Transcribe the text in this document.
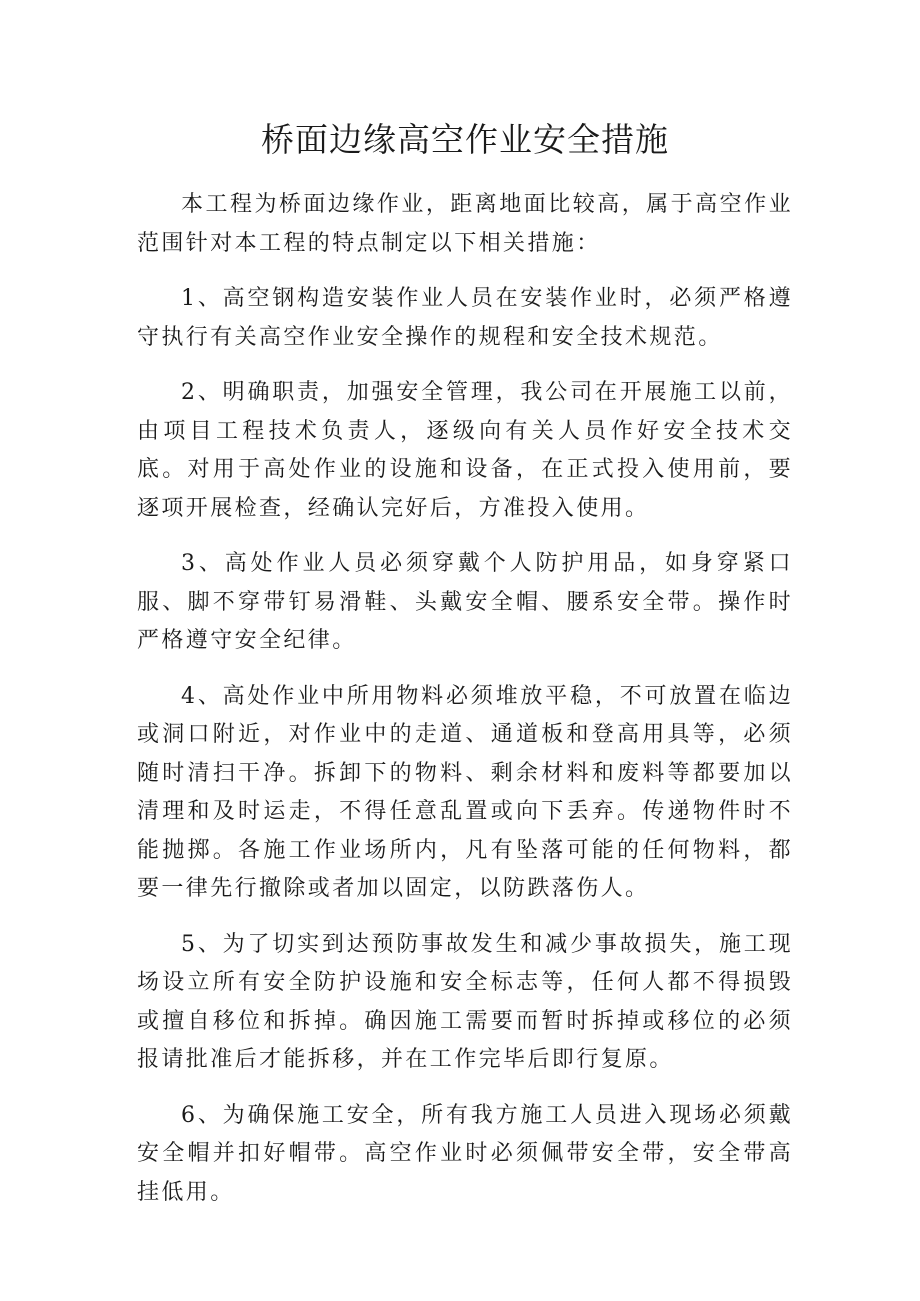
桥面边缘高空作业安全措施

本工程为桥面边缘作业，距离地面比较高，属于高空作业范围针对本工程的特点制定以下相关措施：

1、高空钢构造安装作业人员在安装作业时，必须严格遵守执行有关高空作业安全操作的规程和安全技术规范。

2、明确职责，加强安全管理，我公司在开展施工以前，由项目工程技术负责人，逐级向有关人员作好安全技术交底。对用于高处作业的设施和设备，在正式投入使用前，要逐项开展检查，经确认完好后，方准投入使用。

3、高处作业人员必须穿戴个人防护用品，如身穿紧口服、脚不穿带钉易滑鞋、头戴安全帽、腰系安全带。操作时严格遵守安全纪律。

4、高处作业中所用物料必须堆放平稳，不可放置在临边或洞口附近，对作业中的走道、通道板和登高用具等，必须随时清扫干净。拆卸下的物料、剩余材料和废料等都要加以清理和及时运走，不得任意乱置或向下丢弃。传递物件时不能抛掷。各施工作业场所内，凡有坠落可能的任何物料，都要一律先行撤除或者加以固定，以防跌落伤人。

5、为了切实到达预防事故发生和减少事故损失，施工现场设立所有安全防护设施和安全标志等，任何人都不得损毁或擅自移位和拆掉。确因施工需要而暂时拆掉或移位的必须报请批准后才能拆移，并在工作完毕后即行复原。

6、为确保施工安全，所有我方施工人员进入现场必须戴安全帽并扣好帽带。高空作业时必须佩带安全带，安全带高挂低用。
